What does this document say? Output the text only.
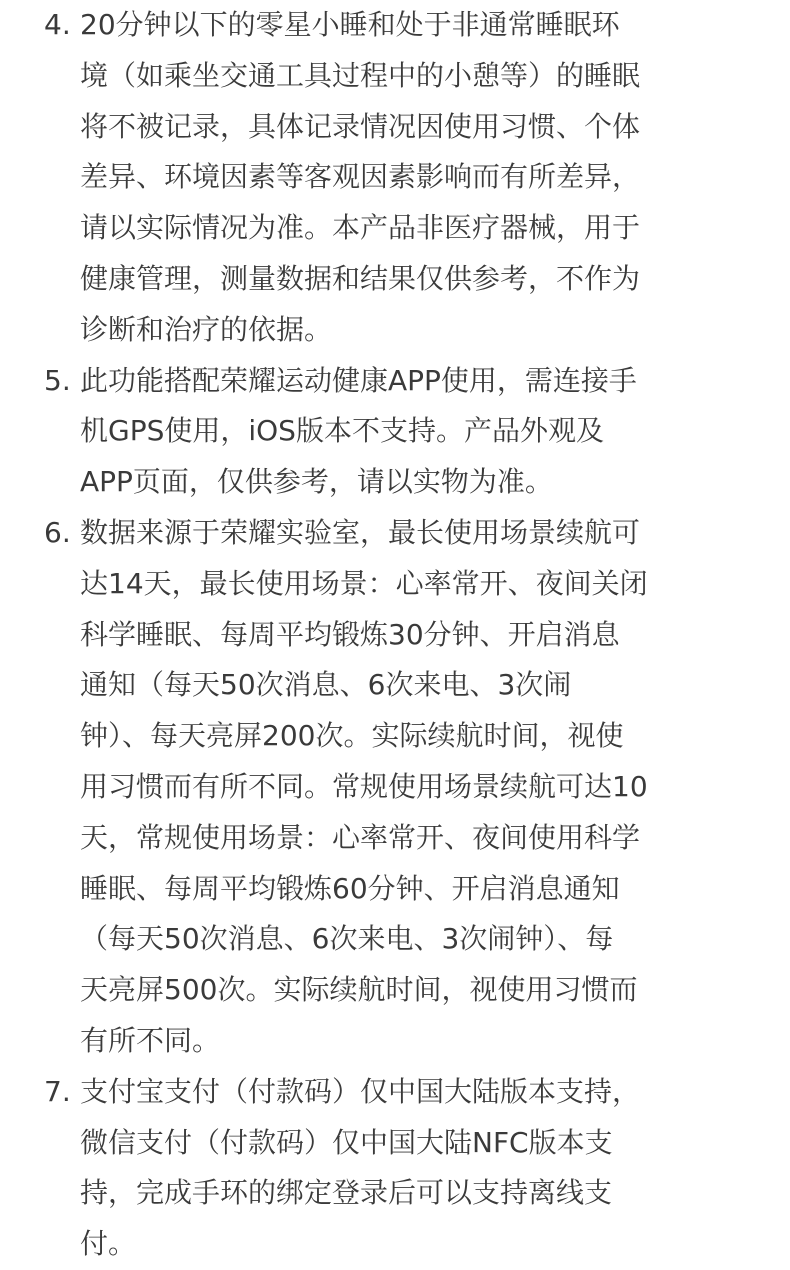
4. 20分钟以下的零星小睡和处于非通常睡眠环
境（如乘坐交通工具过程中的小憩等）的睡眠
将不被记录，具体记录情况因使用习惯、个体
差异、环境因素等客观因素影响而有所差异，
请以实际情况为准。本产品非医疗器械，用于
健康管理，测量数据和结果仅供参考，不作为
诊断和治疗的依据。
5. 此功能搭配荣耀运动健康APP使用，需连接手
机GPS使用，iOS版本不支持。产品外观及
APP页面，仅供参考，请以实物为准。
6. 数据来源于荣耀实验室，最长使用场景续航可
达14天，最长使用场景：心率常开、夜间关闭
科学睡眠、每周平均锻炼30分钟、开启消息
通知（每天50次消息、6次来电、3次闹
钟）、每天亮屏200次。实际续航时间，视使
用习惯而有所不同。常规使用场景续航可达10
天，常规使用场景：心率常开、夜间使用科学
睡眠、每周平均锻炼60分钟、开启消息通知
（每天50次消息、6次来电、3次闹钟）、每
天亮屏500次。实际续航时间，视使用习惯而
有所不同。
7. 支付宝支付（付款码）仅中国大陆版本支持，
微信支付（付款码）仅中国大陆NFC版本支
持，完成手环的绑定登录后可以支持离线支
付。
